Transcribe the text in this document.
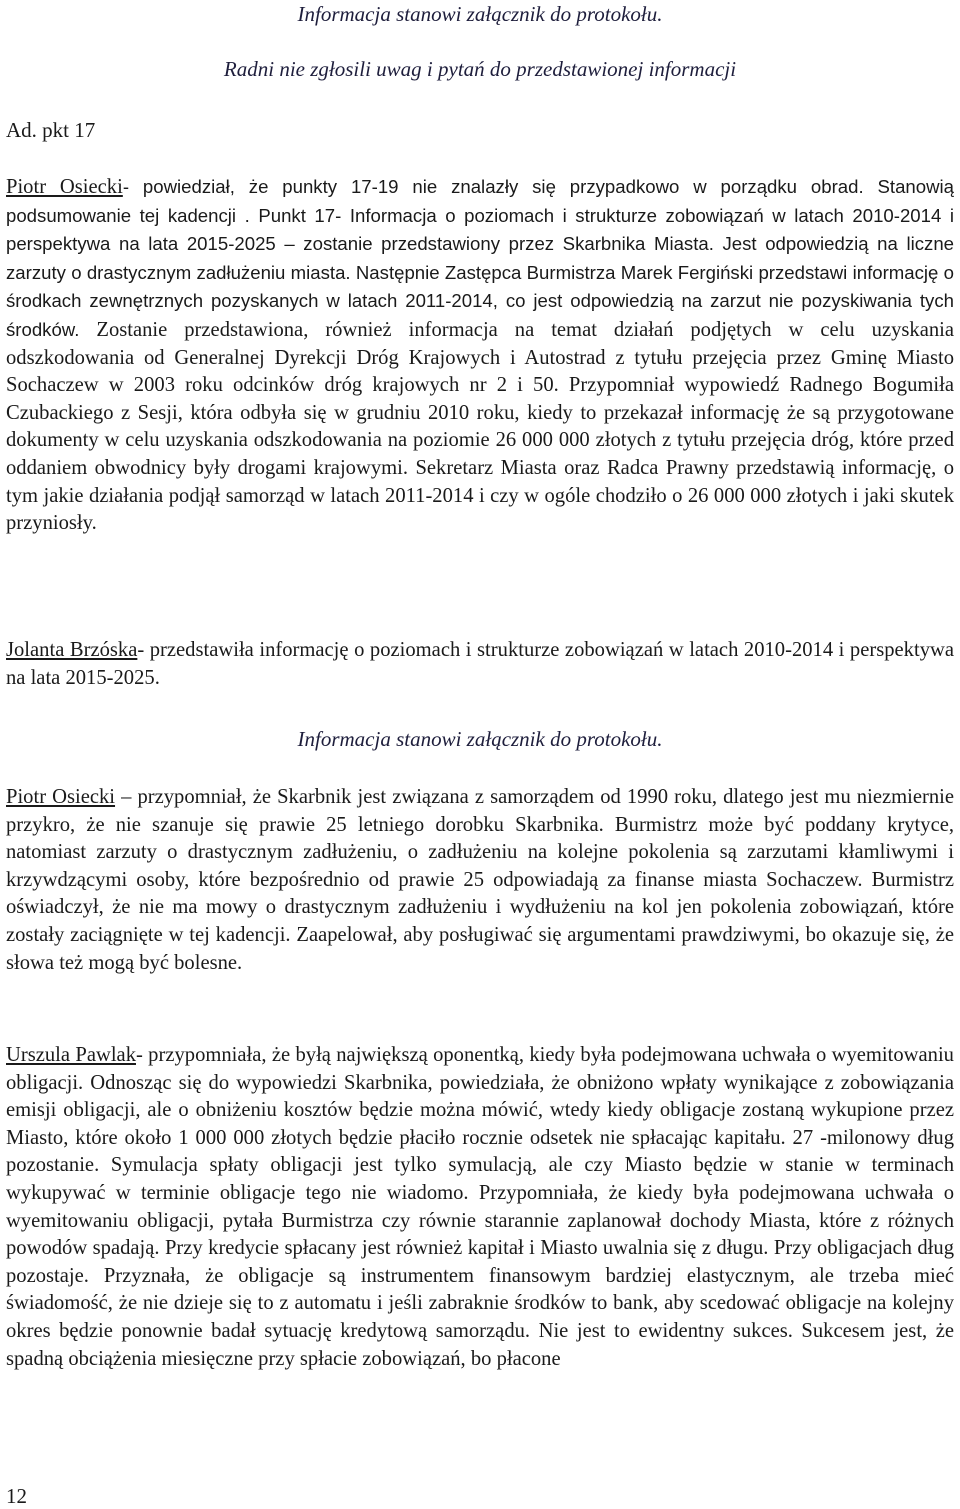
Informacja stanowi załącznik do protokołu.
Radni nie zgłosili uwag i pytań do przedstawionej informacji
Ad. pkt 17

Piotr Osiecki- powiedział, że punkty 17-19 nie znalazły się przypadkowo w porządku obrad. Stanowią podsumowanie tej kadencji . Punkt 17- Informacja o poziomach i strukturze zobowiązań w latach 2010-2014 i perspektywa na lata 2015-2025 – zostanie przedstawiony przez Skarbnika Miasta. Jest odpowiedzią na liczne zarzuty o drastycznym zadłużeniu miasta. Następnie Zastępca Burmistrza Marek Fergiński przedstawi informację o środkach zewnętrznych pozyskanych w latach 2011-2014, co jest odpowiedzią na zarzut nie pozyskiwania tych środków. Zostanie przedstawiona, również informacja na temat działań podjętych w celu uzyskania odszkodowania od Generalnej Dyrekcji Dróg Krajowych i Autostrad z tytułu przejęcia przez Gminę Miasto Sochaczew w 2003 roku odcinków dróg krajowych nr 2 i 50. Przypomniał wypowiedź Radnego Bogumiła Czubackiego z Sesji, która odbyła się w grudniu 2010 roku, kiedy to przekazał informację że są przygotowane dokumenty w celu uzyskania odszkodowania na poziomie 26 000 000 złotych z tytułu przejęcia dróg, które przed oddaniem obwodnicy były drogami krajowymi. Sekretarz Miasta oraz Radca Prawny przedstawią informację, o tym jakie działania podjął samorząd w latach 2011-2014 i czy w ogóle chodziło o 26 000 000 złotych i jaki skutek przyniosły.

Jolanta Brzóska- przedstawiła informację o poziomach i strukturze zobowiązań w latach 2010-2014 i perspektywa na lata 2015-2025.

Informacja stanowi załącznik do protokołu.

Piotr Osiecki – przypomniał, że Skarbnik jest związana z samorządem od 1990 roku, dlatego jest mu niezmiernie przykro, że nie szanuje się prawie 25 letniego dorobku Skarbnika. Burmistrz może być poddany krytyce, natomiast zarzuty o drastycznym zadłużeniu, o zadłużeniu na kolejne pokolenia są zarzutami kłamliwymi i krzywdzącymi osoby, które bezpośrednio od prawie 25 odpowiadają za finanse miasta Sochaczew. Burmistrz oświadczył, że nie ma mowy o drastycznym zadłużeniu i wydłużeniu na kol jen pokolenia zobowiązań, które zostały zaciągnięte w tej kadencji. Zaapelował, aby posługiwać się argumentami prawdziwymi, bo okazuje się, że słowa też mogą być bolesne.

Urszula Pawlak- przypomniała, że byłą największą oponentką, kiedy była podejmowana uchwała o wyemitowaniu obligacji. Odnosząc się do wypowiedzi Skarbnika, powiedziała, że obniżono wpłaty wynikające z zobowiązania emisji obligacji, ale o obniżeniu kosztów będzie można mówić, wtedy kiedy obligacje zostaną wykupione przez Miasto, które około 1 000 000 złotych będzie płaciło rocznie odsetek nie spłacając kapitału. 27 -milonowy dług pozostanie. Symulacja spłaty obligacji jest tylko symulacją, ale czy Miasto będzie w stanie w terminach wykupywać w terminie obligacje tego nie wiadomo. Przypomniała, że kiedy była podejmowana uchwała o wyemitowaniu obligacji, pytała Burmistrza czy równie starannie zaplanował dochody Miasta, które z różnych powodów spadają. Przy kredycie spłacany jest również kapitał i Miasto uwalnia się z długu. Przy obligacjach dług pozostaje. Przyznała, że obligacje są instrumentem finansowym bardziej elastycznym, ale trzeba mieć świadomość, że nie dzieje się to z automatu i jeśli zabraknie środków to bank, aby scedować obligacje na kolejny okres będzie ponownie badał sytuację kredytową samorządu. Nie jest to ewidentny sukces. Sukcesem jest, że spadną obciążenia miesięczne przy spłacie zobowiązań, bo płacone

12
